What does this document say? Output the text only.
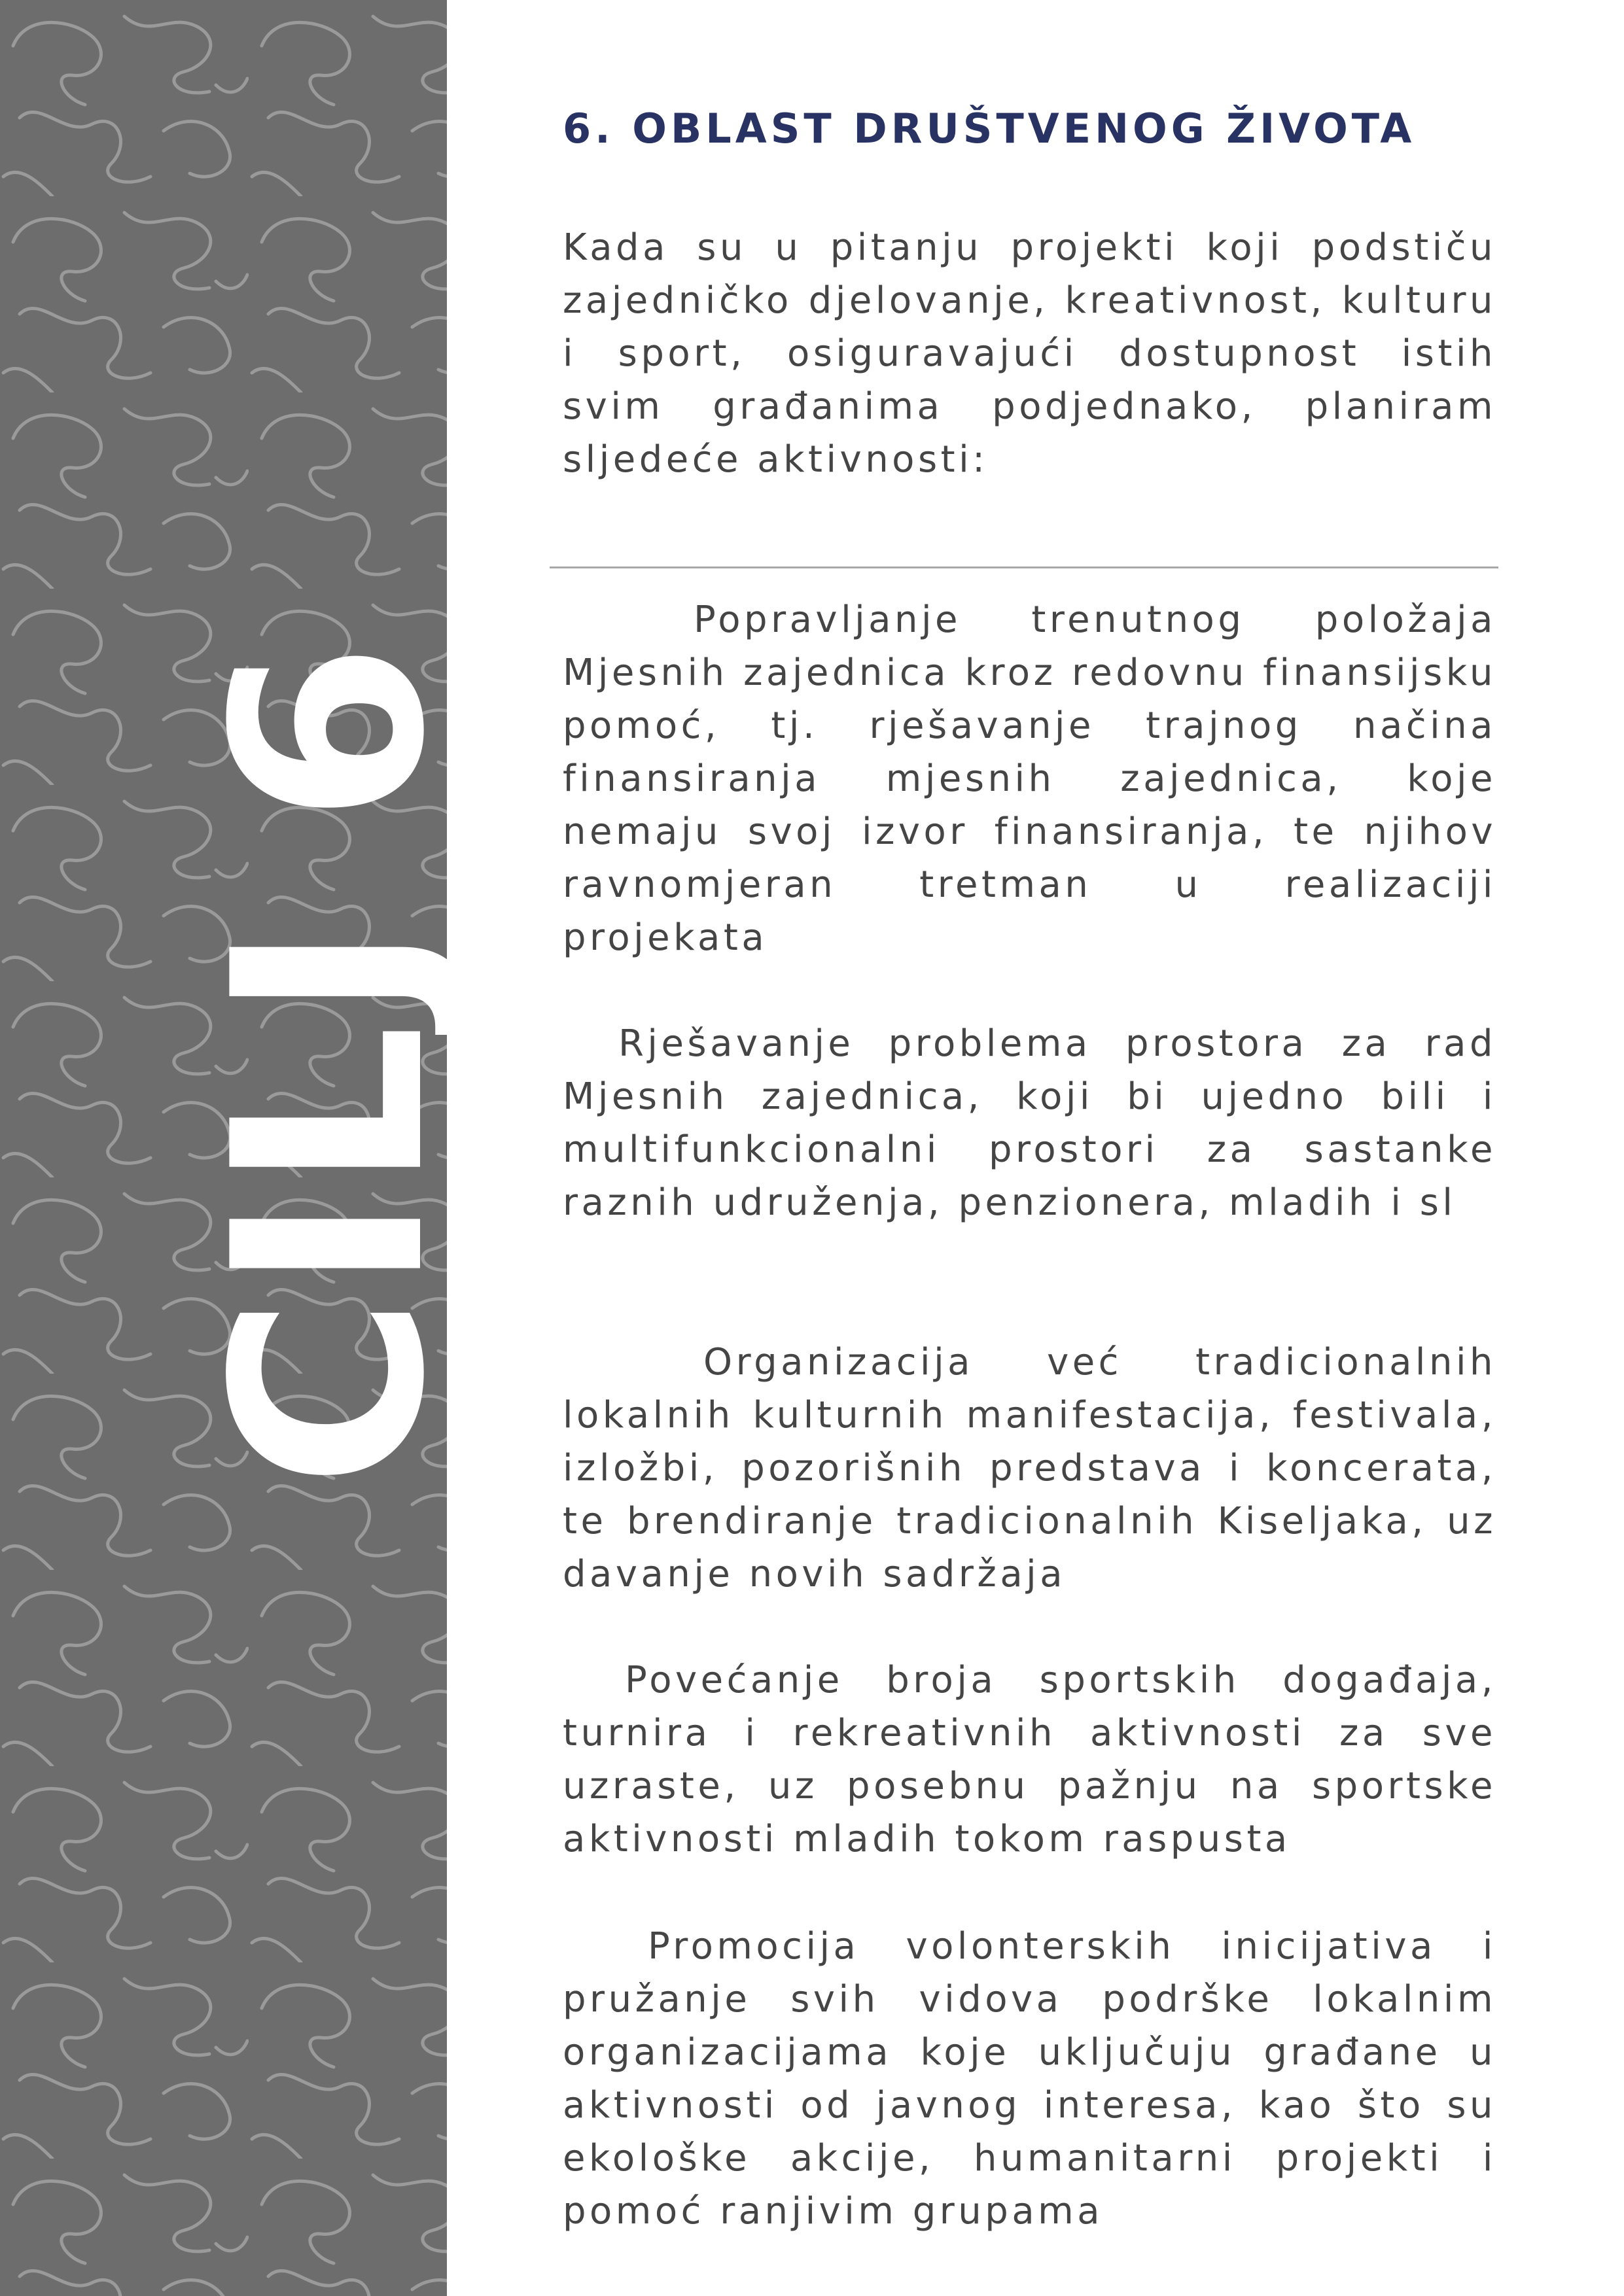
CILJ 6
6. OBLAST DRUŠTVENOG ŽIVOTA

Kada su u pitanju projekti koji podstiču zajedničko djelovanje, kreativnost, kulturu i sport, osiguravajući dostupnost istih svim građanima podjednako, planiram sljedeće aktivnosti:

Popravljanje trenutnog položaja Mjesnih zajednica kroz redovnu finansijsku pomoć, tj. rješavanje trajnog načina finansiranja mjesnih zajednica, koje nemaju svoj izvor finansiranja, te njihov ravnomjeran tretman u realizaciji projekata

Rješavanje problema prostora za rad Mjesnih zajednica, koji bi ujedno bili i multifunkcionalni prostori za sastanke raznih udruženja, penzionera, mladih i sl

Organizacija već tradicionalnih lokalnih kulturnih manifestacija, festivala, izložbi, pozorišnih predstava i koncerata, te brendiranje tradicionalnih Kiseljaka, uz davanje novih sadržaja

Povećanje broja sportskih događaja, turnira i rekreativnih aktivnosti za sve uzraste, uz posebnu pažnju na sportske aktivnosti mladih tokom raspusta

Promocija volonterskih inicijativa i pružanje svih vidova podrške lokalnim organizacijama koje uključuju građane u aktivnosti od javnog interesa, kao što su ekološke akcije, humanitarni projekti i pomoć ranjivim grupama
